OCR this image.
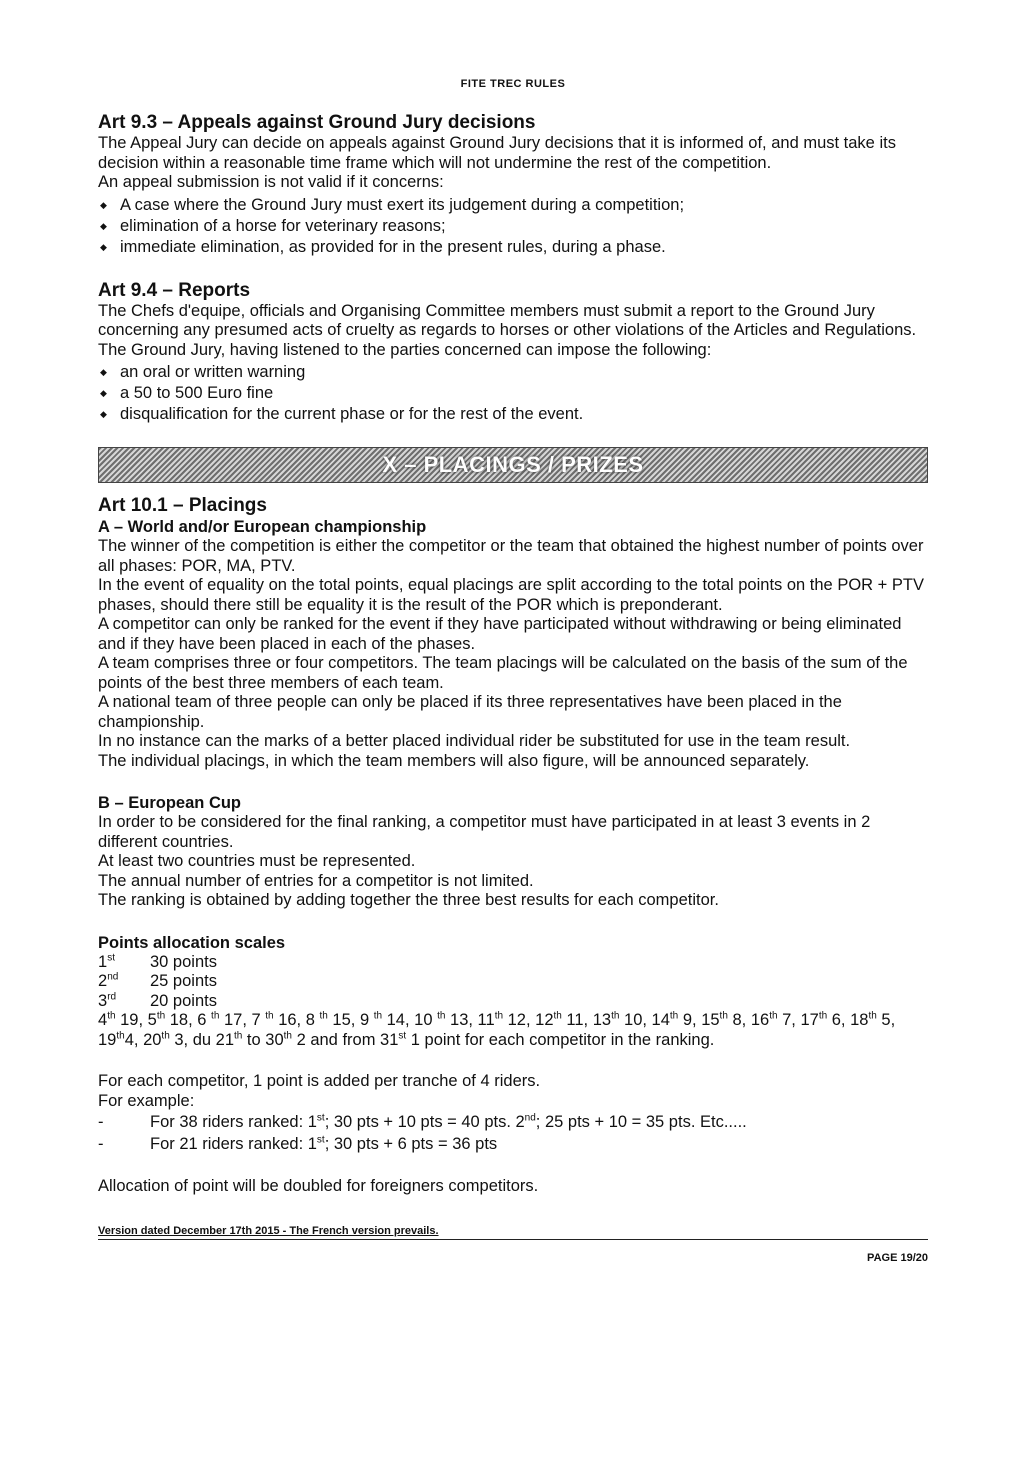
FITE TREC RULES
Art 9.3 – Appeals against Ground Jury decisions

The Appeal Jury can decide on appeals against Ground Jury decisions that it is informed of, and must take its decision within a reasonable time frame which will not undermine the rest of the competition.

An appeal submission is not valid if it concerns:

◆ A case where the Ground Jury must exert its judgement during a competition;
◆ elimination of a horse for veterinary reasons;
◆ immediate elimination, as provided for in the present rules, during a phase.
Art 9.4 – Reports

The Chefs d'equipe, officials and Organising Committee members must submit a report to the Ground Jury concerning any presumed acts of cruelty as regards to horses or other violations of the Articles and Regulations.

The Ground Jury, having listened to the parties concerned can impose the following:

◆ an oral or written warning
◆ a 50 to 500 Euro fine
◆ disqualification for the current phase or for the rest of the event.
X – PLACINGS / PRIZES
Art 10.1 – Placings
A – World and/or European championship

The winner of the competition is either the competitor or the team that obtained the highest number of points over all phases: POR, MA, PTV.

In the event of equality on the total points, equal placings are split according to the total points on the POR + PTV phases, should there still be equality it is the result of the POR which is preponderant.

A competitor can only be ranked for the event if they have participated without withdrawing or being eliminated and if they have been placed in each of the phases.

A team comprises three or four competitors. The team placings will be calculated on the basis of the sum of the points of the best three members of each team.

A national team of three people can only be placed if its three representatives have been placed in the championship.

In no instance can the marks of a better placed individual rider be substituted for use in the team result.

The individual placings, in which the team members will also figure, will be announced separately.

B – European Cup

In order to be considered for the final ranking, a competitor must have participated in at least 3 events in 2 different countries.

At least two countries must be represented.

The annual number of entries for a competitor is not limited.

The ranking is obtained by adding together the three best results for each competitor.

Points allocation scales
1st	30 points
2nd	25 points
3rd	20 points

4th 19, 5th 18, 6 $^{th}$ 17, 7 $^{th}$ 16, 8 $^{th}$ 15, 9 $^{th}$ 14, 10 $^{th}$ 13, 11th 12, 12th 11, 13th 10, 14th 9, 15th 8, 16th 7, 17th 6, 18th 5, 19th4, 20th 3, du 21th to 30th 2 and from 31st 1 point for each competitor in the ranking.

For each competitor, 1 point is added per tranche of 4 riders.

For example:

- For 38 riders ranked: 1st; 30 pts + 10 pts = 40 pts. 2nd; 25 pts + 10 = 35 pts. Etc.....
- For 21 riders ranked: 1st; 30 pts + 6 pts = 36 pts

Allocation of point will be doubled for foreigners competitors.

Version dated December 17th 2015 - The French version prevails.
PAGE 19/20
